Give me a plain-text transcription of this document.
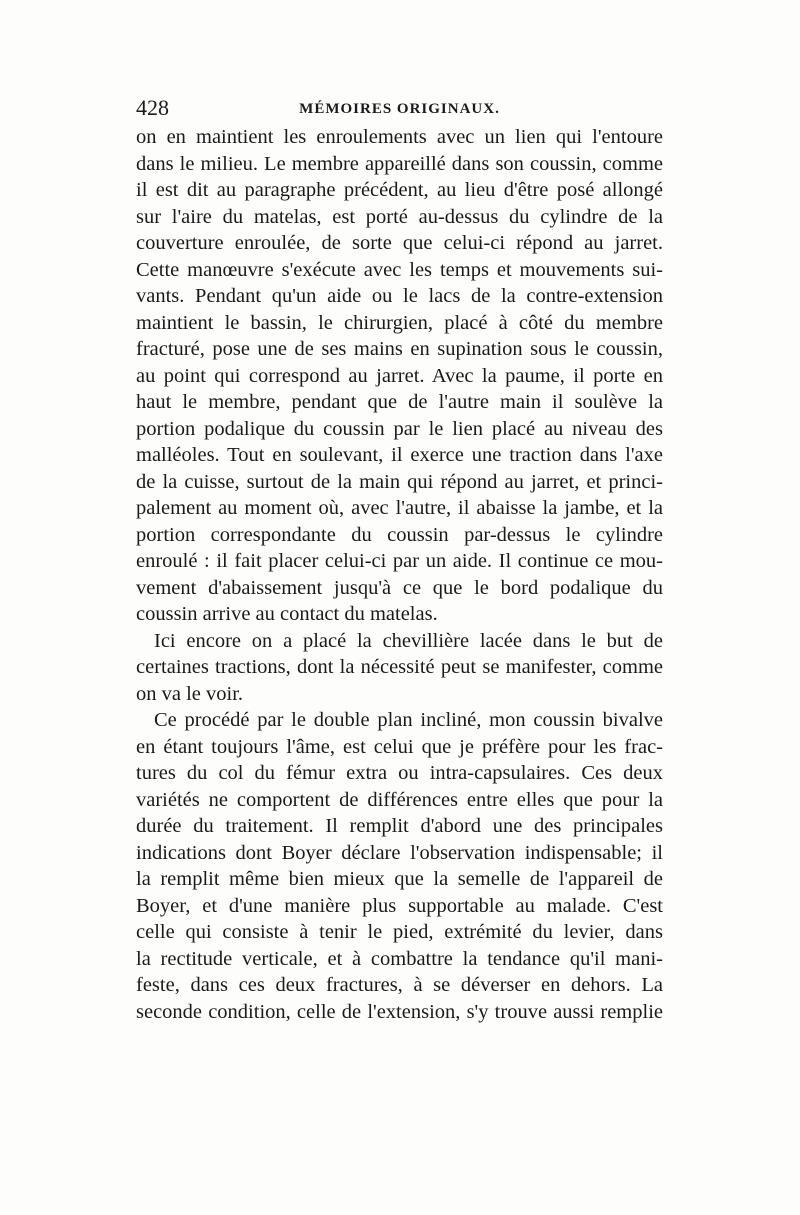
428	MÉMOIRES ORIGINAUX.
on en maintient les enroulements avec un lien qui l'entoure
dans le milieu. Le membre appareillé dans son coussin, comme
il est dit au paragraphe précédent, au lieu d'être posé allongé
sur l'aire du matelas, est porté au-dessus du cylindre de la
couverture enroulée, de sorte que celui-ci répond au jarret.
Cette manœuvre s'exécute avec les temps et mouvements sui-
vants. Pendant qu'un aide ou le lacs de la contre-extension
maintient le bassin, le chirurgien, placé à côté du membre
fracturé, pose une de ses mains en supination sous le coussin,
au point qui correspond au jarret. Avec la paume, il porte en
haut le membre, pendant que de l'autre main il soulève la
portion podalique du coussin par le lien placé au niveau des
malléoles. Tout en soulevant, il exerce une traction dans l'axe
de la cuisse, surtout de la main qui répond au jarret, et princi-
palement au moment où, avec l'autre, il abaisse la jambe, et la
portion correspondante du coussin par-dessus le cylindre
enroulé : il fait placer celui-ci par un aide. Il continue ce mou-
vement d'abaissement jusqu'à ce que le bord podalique du
coussin arrive au contact du matelas.
Ici encore on a placé la chevillière lacée dans le but de
certaines tractions, dont la nécessité peut se manifester, comme
on va le voir.
Ce procédé par le double plan incliné, mon coussin bivalve
en étant toujours l'âme, est celui que je préfère pour les frac-
tures du col du fémur extra ou intra-capsulaires. Ces deux
variétés ne comportent de différences entre elles que pour la
durée du traitement. Il remplit d'abord une des principales
indications dont Boyer déclare l'observation indispensable; il
la remplit même bien mieux que la semelle de l'appareil de
Boyer, et d'une manière plus supportable au malade. C'est
celle qui consiste à tenir le pied, extrémité du levier, dans
la rectitude verticale, et à combattre la tendance qu'il mani-
feste, dans ces deux fractures, à se déverser en dehors. La
seconde condition, celle de l'extension, s'y trouve aussi remplie
